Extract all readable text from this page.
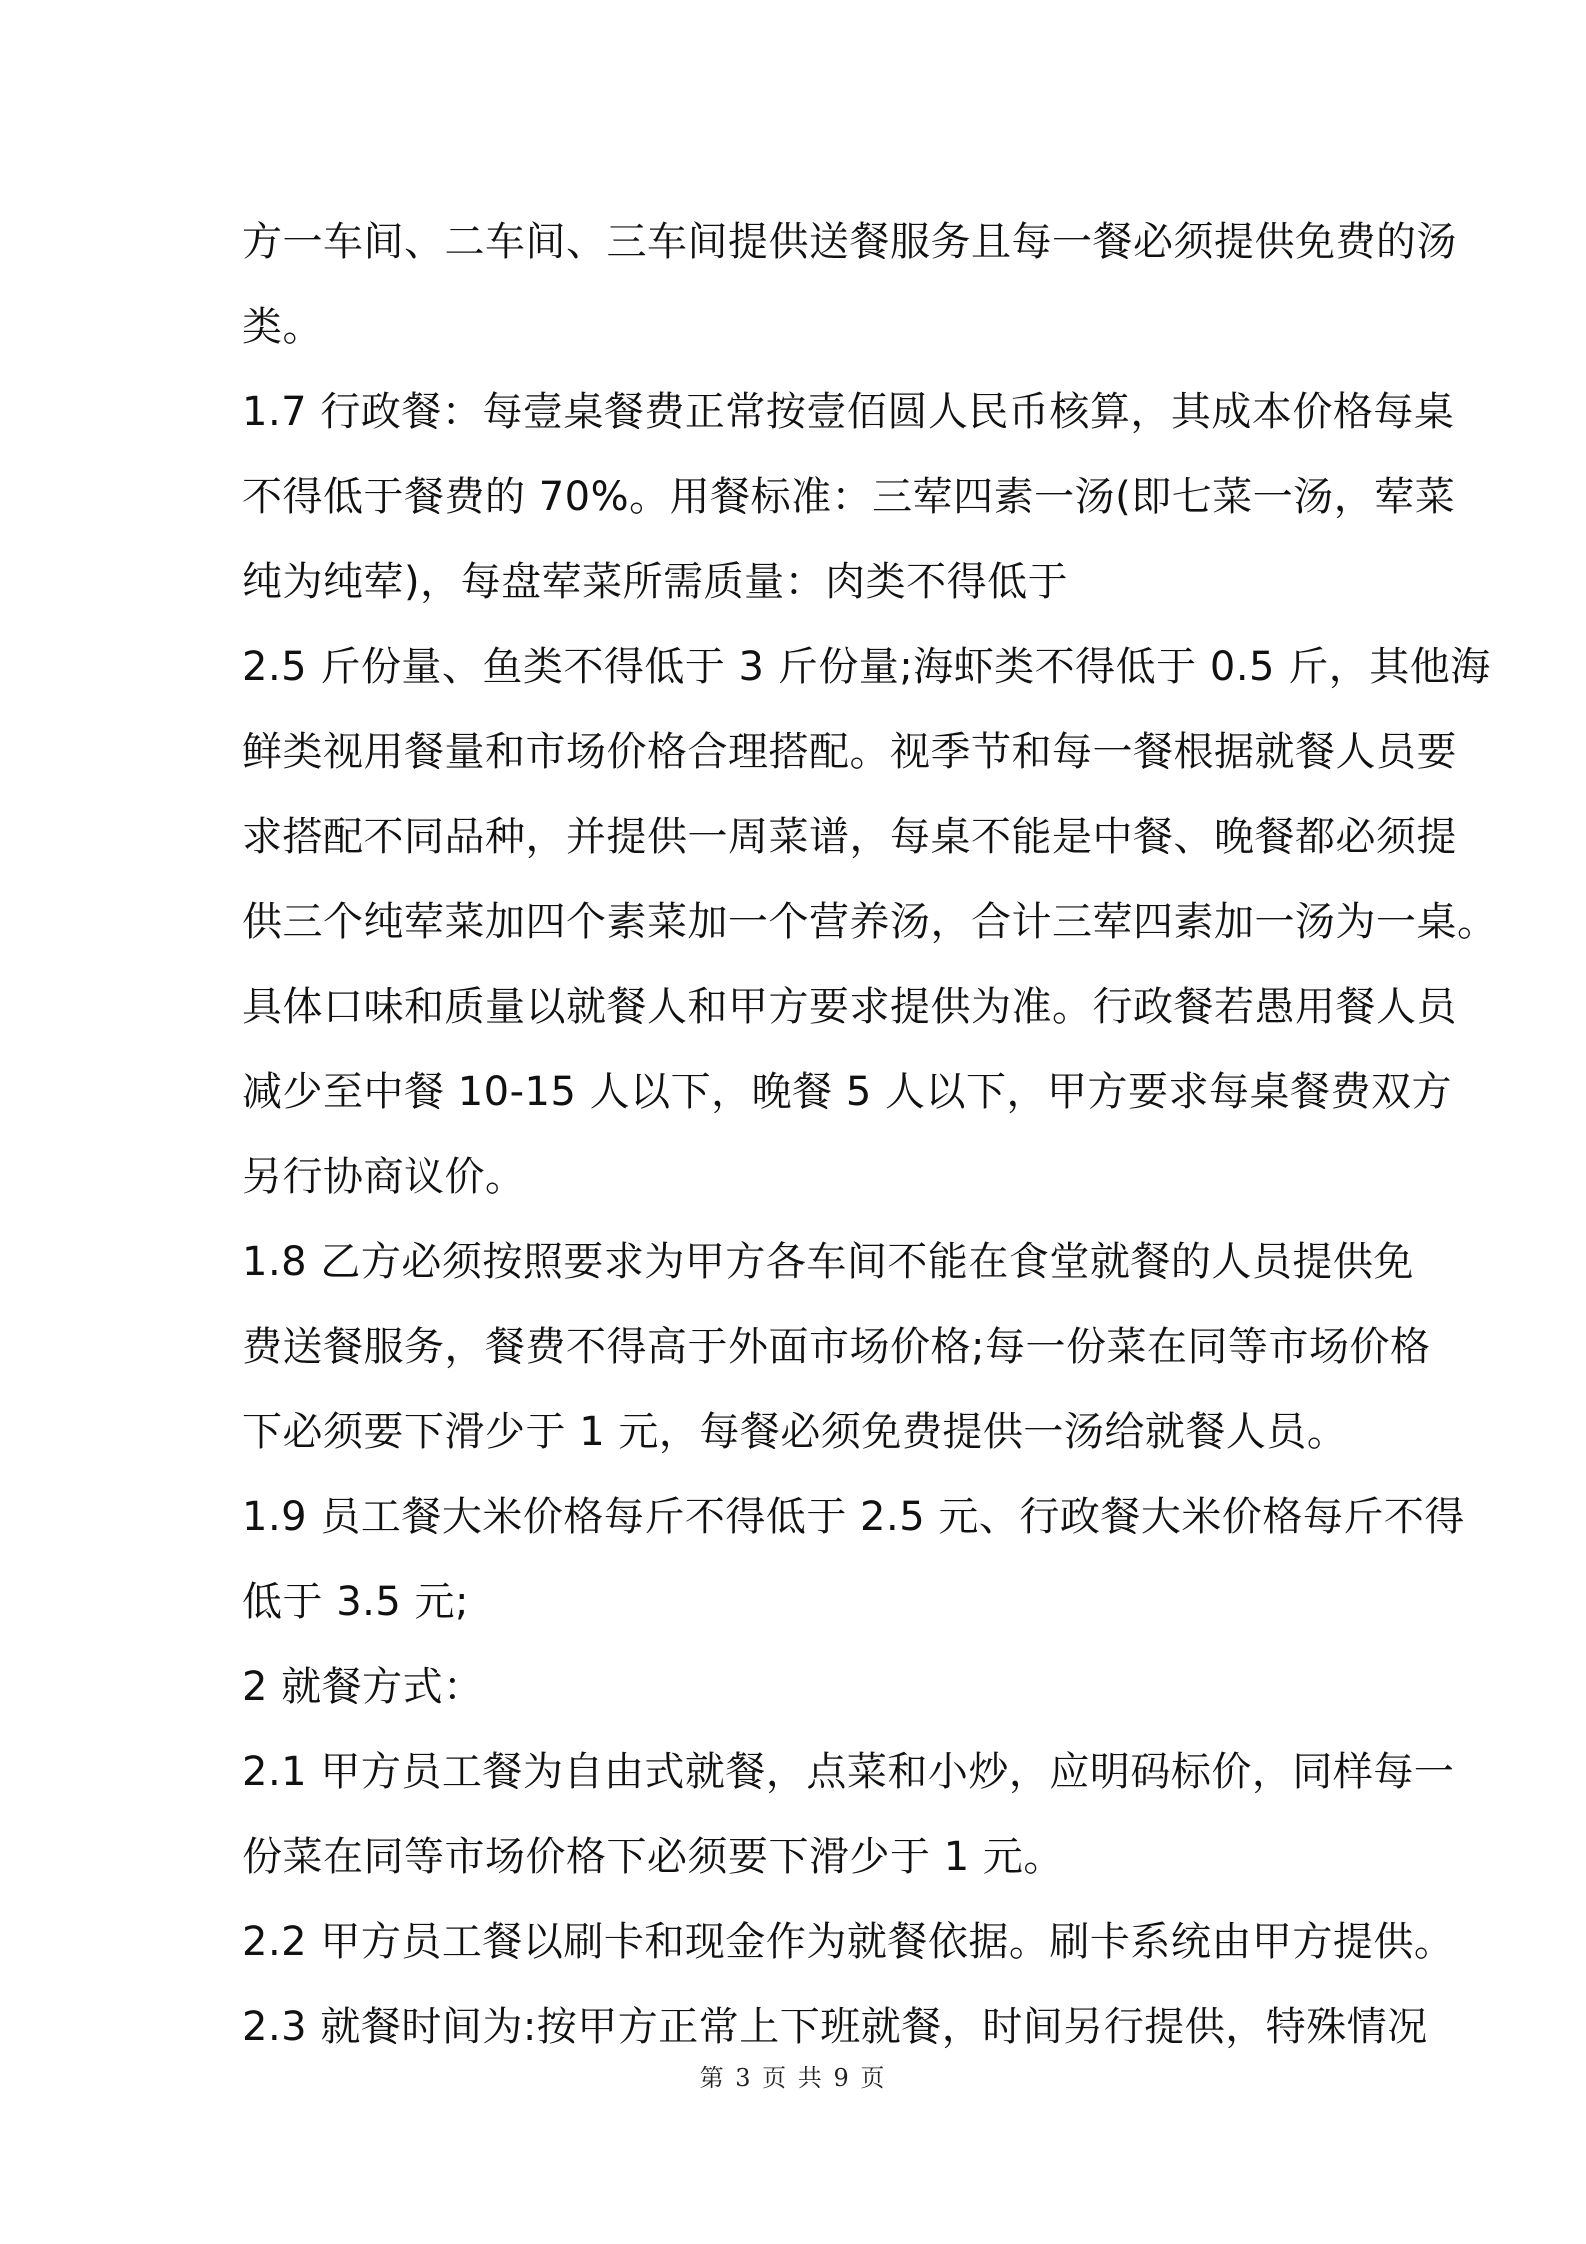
方一车间、二车间、三车间提供送餐服务且每一餐必须提供免费的汤
类。
1.7 行政餐：每壹桌餐费正常按壹佰圆人民币核算，其成本价格每桌
不得低于餐费的 70%。用餐标准：三荤四素一汤(即七菜一汤，荤菜
纯为纯荤)，每盘荤菜所需质量：肉类不得低于
2.5 斤份量、鱼类不得低于 3 斤份量;海虾类不得低于 0.5 斤，其他海
鲜类视用餐量和市场价格合理搭配。视季节和每一餐根据就餐人员要
求搭配不同品种，并提供一周菜谱，每桌不能是中餐、晚餐都必须提
供三个纯荤菜加四个素菜加一个营养汤，合计三荤四素加一汤为一桌。
具体口味和质量以就餐人和甲方要求提供为准。行政餐若愚用餐人员
减少至中餐 10-15 人以下，晚餐 5 人以下，甲方要求每桌餐费双方
另行协商议价。
1.8 乙方必须按照要求为甲方各车间不能在食堂就餐的人员提供免
费送餐服务，餐费不得高于外面市场价格;每一份菜在同等市场价格
下必须要下滑少于 1 元，每餐必须免费提供一汤给就餐人员。
1.9 员工餐大米价格每斤不得低于 2.5 元、行政餐大米价格每斤不得
低于 3.5 元;
2 就餐方式：
2.1 甲方员工餐为自由式就餐，点菜和小炒，应明码标价，同样每一
份菜在同等市场价格下必须要下滑少于 1 元。
2.2 甲方员工餐以刷卡和现金作为就餐依据。刷卡系统由甲方提供。
2.3 就餐时间为:按甲方正常上下班就餐，时间另行提供，特殊情况
第 3 页 共 9 页
